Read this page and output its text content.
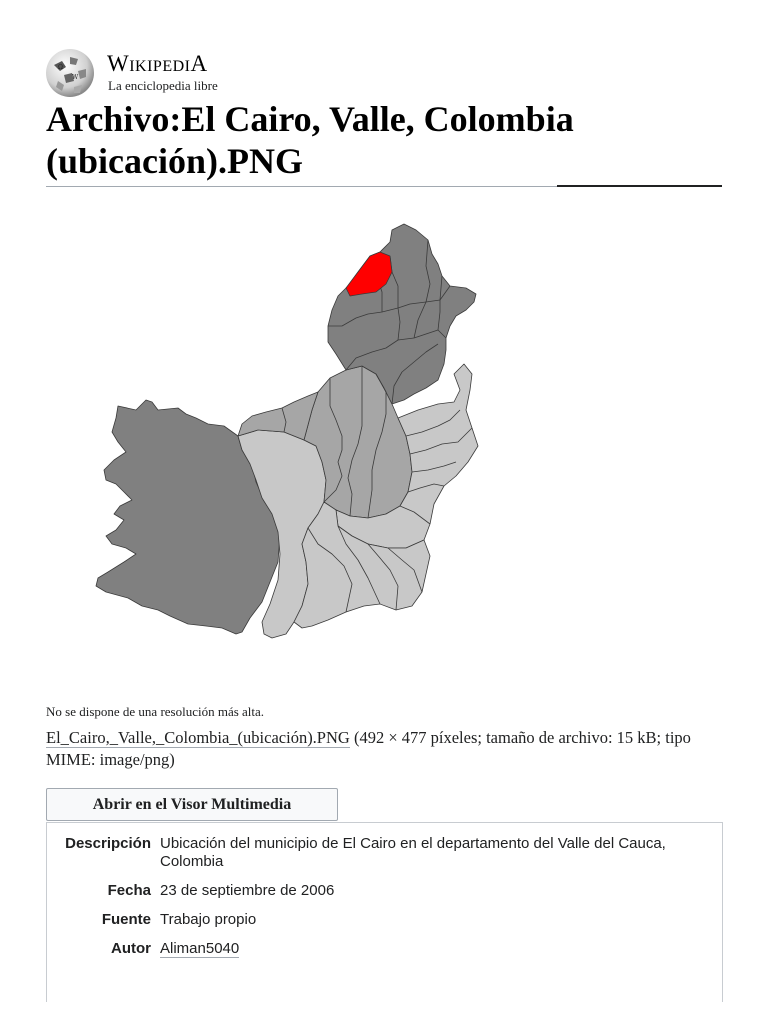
Ω
W
WikipediA
La enciclopedia libre
Archivo:El Cairo, Valle, Colombia (ubicación).PNG
No se dispone de una resolución más alta.
El_Cairo,_Valle,_Colombia_(ubicación).PNG (492 × 477 píxeles; tamaño de archivo: 15 kB; tipo MIME: image/png)
Abrir en el Visor Multimedia
Descripción Ubicación del municipio de El Cairo en el departamento del Valle del Cauca, Colombia
Fecha 23 de septiembre de 2006
Fuente Trabajo propio
Autor Aliman5040
